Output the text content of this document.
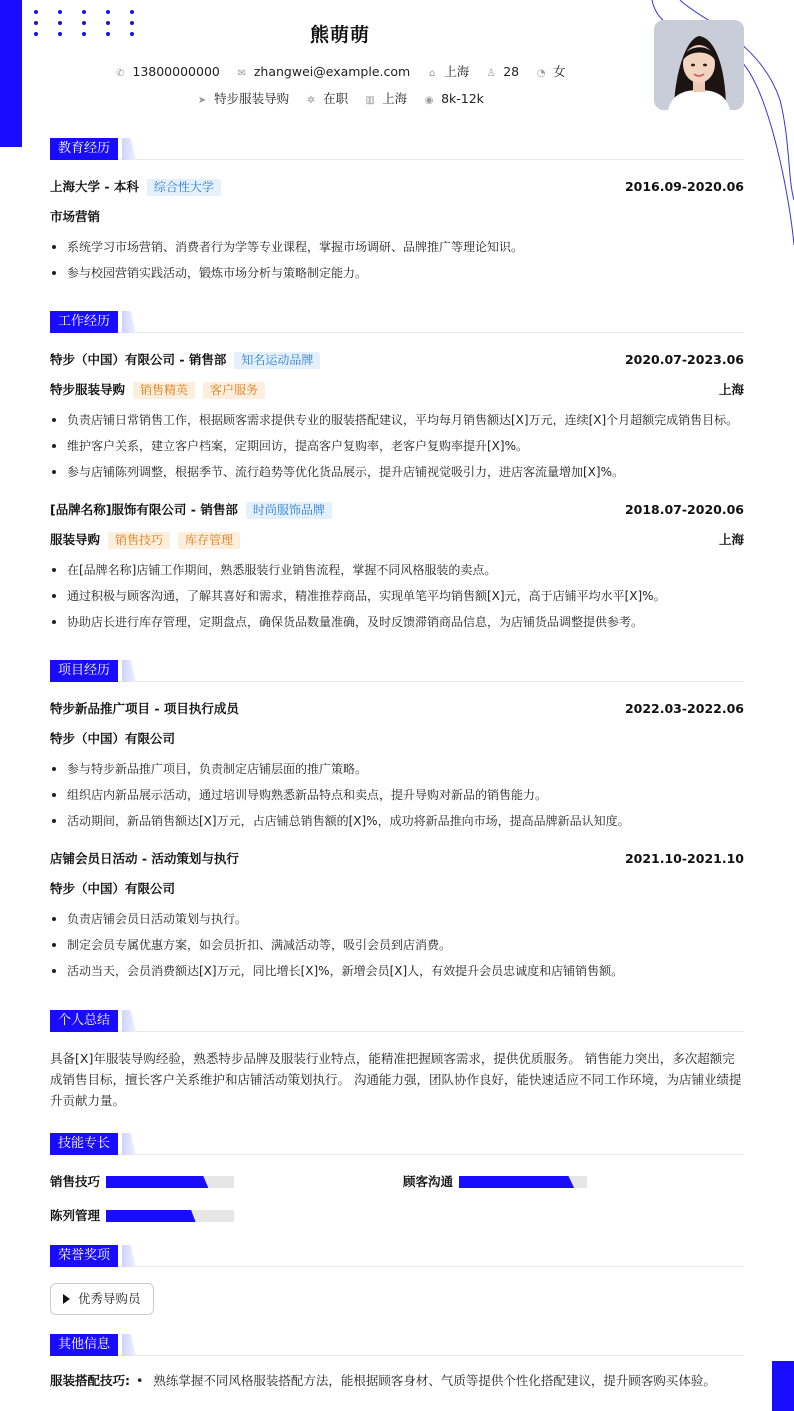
熊萌萌
✆ 13800000000 ✉ zhangwei@example.com ⌂ 上海 ♙ 28 ◔ 女
➤ 特步服装导购 ✲ 在职 ▥ 上海 ◉ 8k-12k
教育经历
上海大学 - 本科 综合性大学	2016.09-2020.06
市场营销
系统学习市场营销、消费者行为学等专业课程，掌握市场调研、品牌推广等理论知识。
参与校园营销实践活动，锻炼市场分析与策略制定能力。
工作经历
特步（中国）有限公司 - 销售部 知名运动品牌	2020.07-2023.06
特步服装导购 销售精英 客户服务	上海
负责店铺日常销售工作，根据顾客需求提供专业的服装搭配建议，平均每月销售额达[X]万元，连续[X]个月超额完成销售目标。
维护客户关系，建立客户档案，定期回访，提高客户复购率，老客户复购率提升[X]%。
参与店铺陈列调整，根据季节、流行趋势等优化货品展示，提升店铺视觉吸引力，进店客流量增加[X]%。
[品牌名称]服饰有限公司 - 销售部 时尚服饰品牌	2018.07-2020.06
服装导购 销售技巧 库存管理	上海
在[品牌名称]店铺工作期间，熟悉服装行业销售流程，掌握不同风格服装的卖点。
通过积极与顾客沟通，了解其喜好和需求，精准推荐商品，实现单笔平均销售额[X]元，高于店铺平均水平[X]%。
协助店长进行库存管理，定期盘点，确保货品数量准确，及时反馈滞销商品信息，为店铺货品调整提供参考。
项目经历
特步新品推广项目 - 项目执行成员	2022.03-2022.06
特步（中国）有限公司
参与特步新品推广项目，负责制定店铺层面的推广策略。
组织店内新品展示活动，通过培训导购熟悉新品特点和卖点，提升导购对新品的销售能力。
活动期间，新品销售额达[X]万元，占店铺总销售额的[X]%，成功将新品推向市场，提高品牌新品认知度。
店铺会员日活动 - 活动策划与执行	2021.10-2021.10
特步（中国）有限公司
负责店铺会员日活动策划与执行。
制定会员专属优惠方案，如会员折扣、满减活动等，吸引会员到店消费。
活动当天，会员消费额达[X]万元，同比增长[X]%，新增会员[X]人，有效提升会员忠诚度和店铺销售额。
个人总结
具备[X]年服装导购经验，熟悉特步品牌及服装行业特点，能精准把握顾客需求，提供优质服务。 销售能力突出，多次超额完成销售目标，擅长客户关系维护和店铺活动策划执行。 沟通能力强，团队协作良好，能快速适应不同工作环境，为店铺业绩提升贡献力量。
技能专长
销售技巧	顾客沟通
陈列管理
荣誉奖项
优秀导购员
其他信息
服装搭配技巧: • 熟练掌握不同风格服装搭配方法，能根据顾客身材、气质等提供个性化搭配建议，提升顾客购买体验。
